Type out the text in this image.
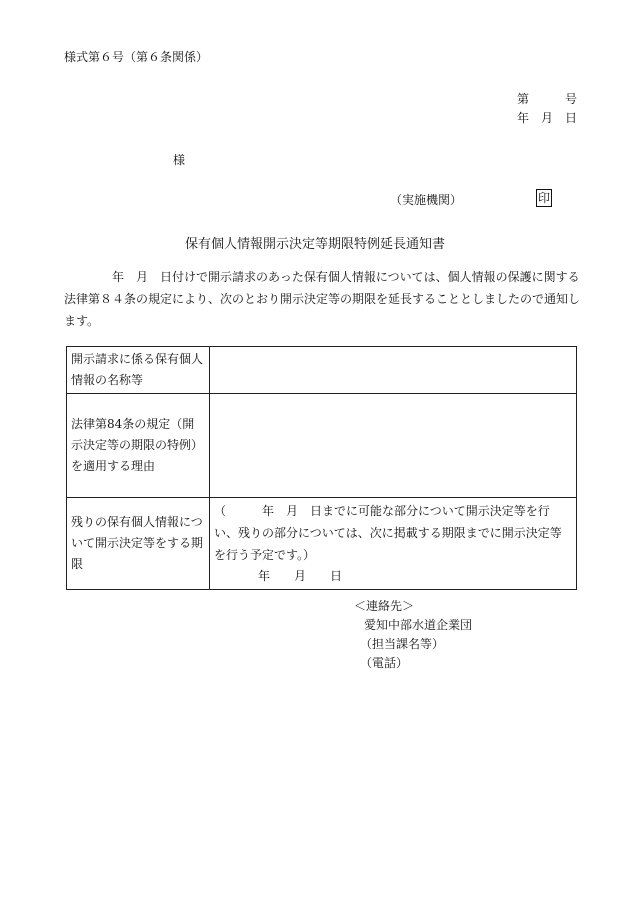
様式第６号（第６条関係）
第　　　号
年　月　日
様
（実施機関）	印
保有個人情報開示決定等期限特例延長通知書
年　月　日付けで開示請求のあった保有個人情報については、個人情報の保護に関する
法律第８４条の規定により、次のとおり開示決定等の期限を延長することとしましたので通知し
ます。
開示請求に係る保有個人情報の名称等	
法律第84条の規定（開示決定等の期限の特例）を適用する理由	
残りの保有個人情報について開示決定等をする期限	（　　　年　月　日までに可能な部分について開示決定等を行い、残りの部分については、次に掲載する期限までに開示決定等を行う予定です。）
年　　月　　日
＜連絡先＞
愛知中部水道企業団
（担当課名等）
（電話）
